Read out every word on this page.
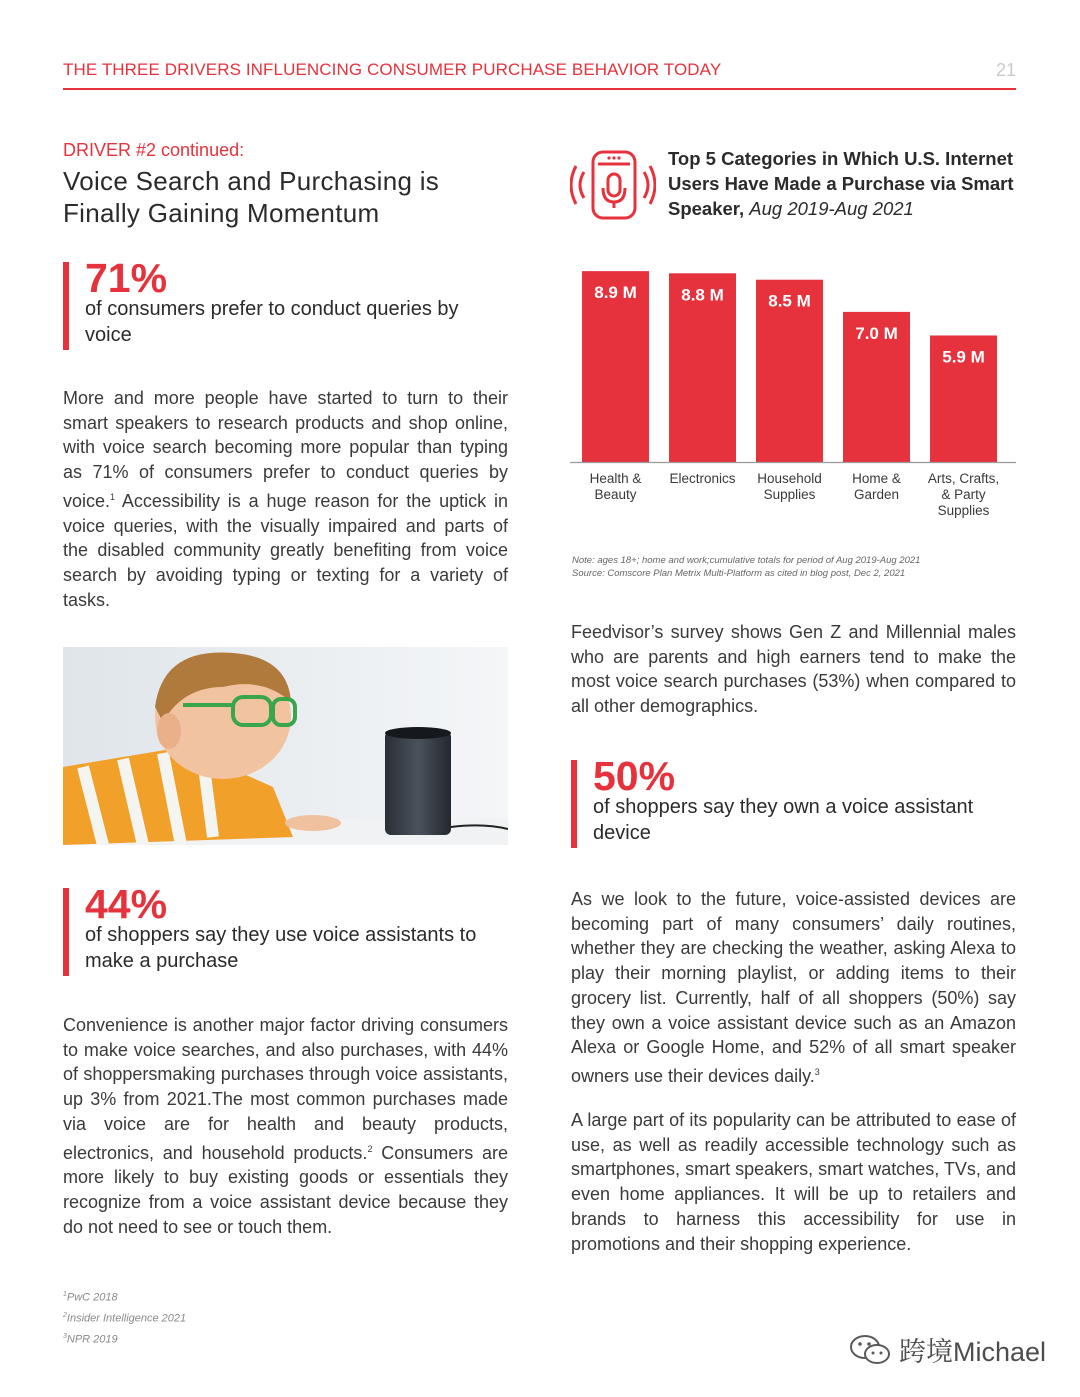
THE THREE DRIVERS INFLUENCING CONSUMER PURCHASE BEHAVIOR TODAY	21
DRIVER #2 continued:
Voice Search and Purchasing is Finally Gaining Momentum
71%
of consumers prefer to conduct queries by voice

More and more people have started to turn to their smart speakers to research products and shop online, with voice search becoming more popular than typing as 71% of consumers prefer to conduct queries by voice.$^1$ Accessibility is a huge reason for the uptick in voice queries, with the visually impaired and parts of the disabled community greatly benefiting from voice search by avoiding typing or texting for a variety of tasks.

44%
of shoppers say they use voice assistants to make a purchase

Convenience is another major factor driving consumers to make voice searches, and also purchases, with 44% of shoppersmaking purchases through voice assistants, up 3% from 2021.The most common purchases made via voice are for health and beauty products, electronics, and household products.$^2$ Consumers are more likely to buy existing goods or essentials they recognize from a voice assistant device because they do not need to see or touch them.

$^1$PwC 2018
$^2$Insider Intelligence 2021
$^3$NPR 2019
Top 5 Categories in Which U.S. Internet Users Have Made a Purchase via Smart Speaker, Aug 2019-Aug 2021
8.9 M
Health & Beauty
8.8 M
Electronics
8.5 M
Household Supplies
7.0 M
Home & Garden
5.9 M
Arts, Crafts, & Party Supplies
Note: ages 18+; home and work;cumulative totals for period of Aug 2019-Aug 2021
Source: Comscore Plan Metrix Multi-Platform as cited in blog post, Dec 2, 2021

Feedvisor’s survey shows Gen Z and Millennial males who are parents and high earners tend to make the most voice search purchases (53%) when compared to all other demographics.

50%
of shoppers say they own a voice assistant device

As we look to the future, voice-assisted devices are becoming part of many consumers’ daily routines, whether they are checking the weather, asking Alexa to play their morning playlist, or adding items to their grocery list. Currently, half of all shoppers (50%) say they own a voice assistant device such as an Amazon Alexa or Google Home, and 52% of all smart speaker owners use their devices daily.$^3$

A large part of its popularity can be attributed to ease of use, as well as readily accessible technology such as smartphones, smart speakers, smart watches, TVs, and even home appliances. It will be up to retailers and brands to harness this accessibility for use in promotions and their shopping experience.

跨境Michael
